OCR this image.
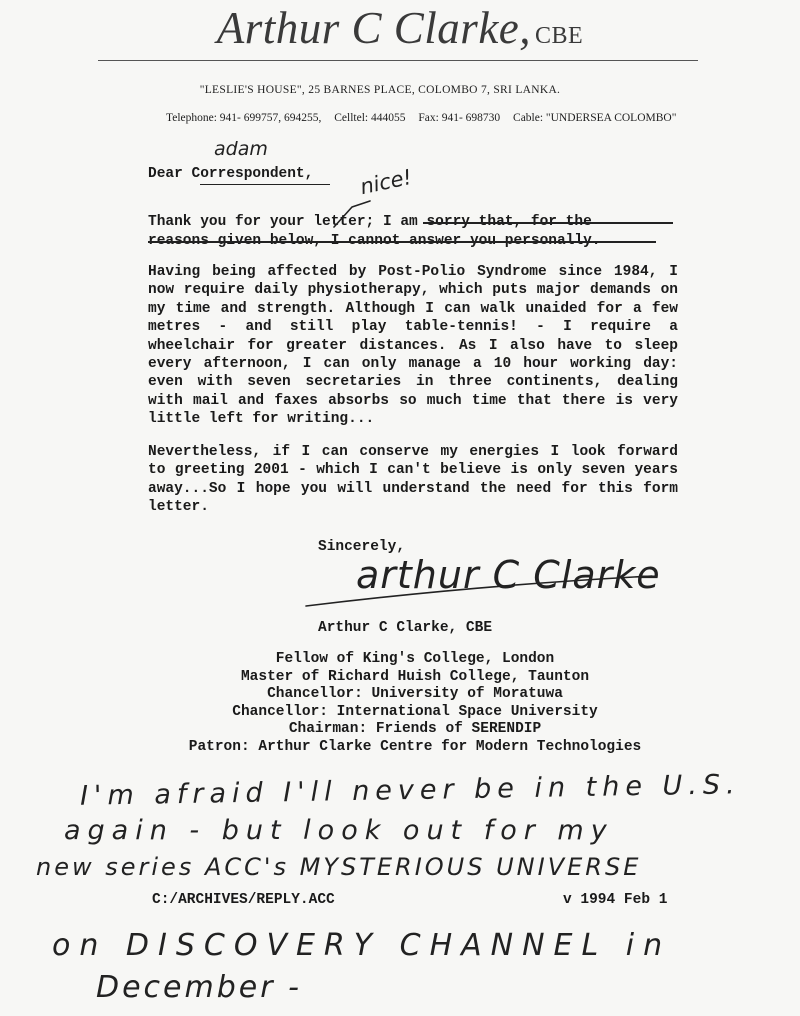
Arthur C Clarke, CBE
"LESLIE'S HOUSE", 25 BARNES PLACE, COLOMBO 7, SRI LANKA.
Telephone: 941- 699757, 694255, Celltel: 444055 Fax: 941- 698730 Cable: "UNDERSEA COLOMBO"
Dear Correspondent,
adam
Thank you for your letter; I am sorry that, for the
reasons given below, I cannot answer you personally.
nice!

Having being affected by Post-Polio Syndrome since 1984, I now require daily physiotherapy, which puts major demands on my time and strength. Although I can walk unaided for a few metres - and still play table-tennis! - I require a wheelchair for greater distances. As I also have to sleep every afternoon, I can only manage a 10 hour working day: even with seven secretaries in three continents, dealing with mail and faxes absorbs so much time that there is very little left for writing...

Nevertheless, if I can conserve my energies I look forward to greeting 2001 - which I can't believe is only seven years away...So I hope you will understand the need for this form letter.

Sincerely,
arthur C Clarke
Arthur C Clarke, CBE
Fellow of King's College, London
Master of Richard Huish College, Taunton
Chancellor: University of Moratuwa
Chancellor: International Space University
Chairman: Friends of SERENDIP
Patron: Arthur Clarke Centre for Modern Technologies
I'm afraid I'll never be in the U.S.
again - but look out for my
new series ACC's MYSTERIOUS UNIVERSE
C:/ARCHIVES/REPLY.ACC	v 1994 Feb 1
on DISCOVERY CHANNEL in
December -
